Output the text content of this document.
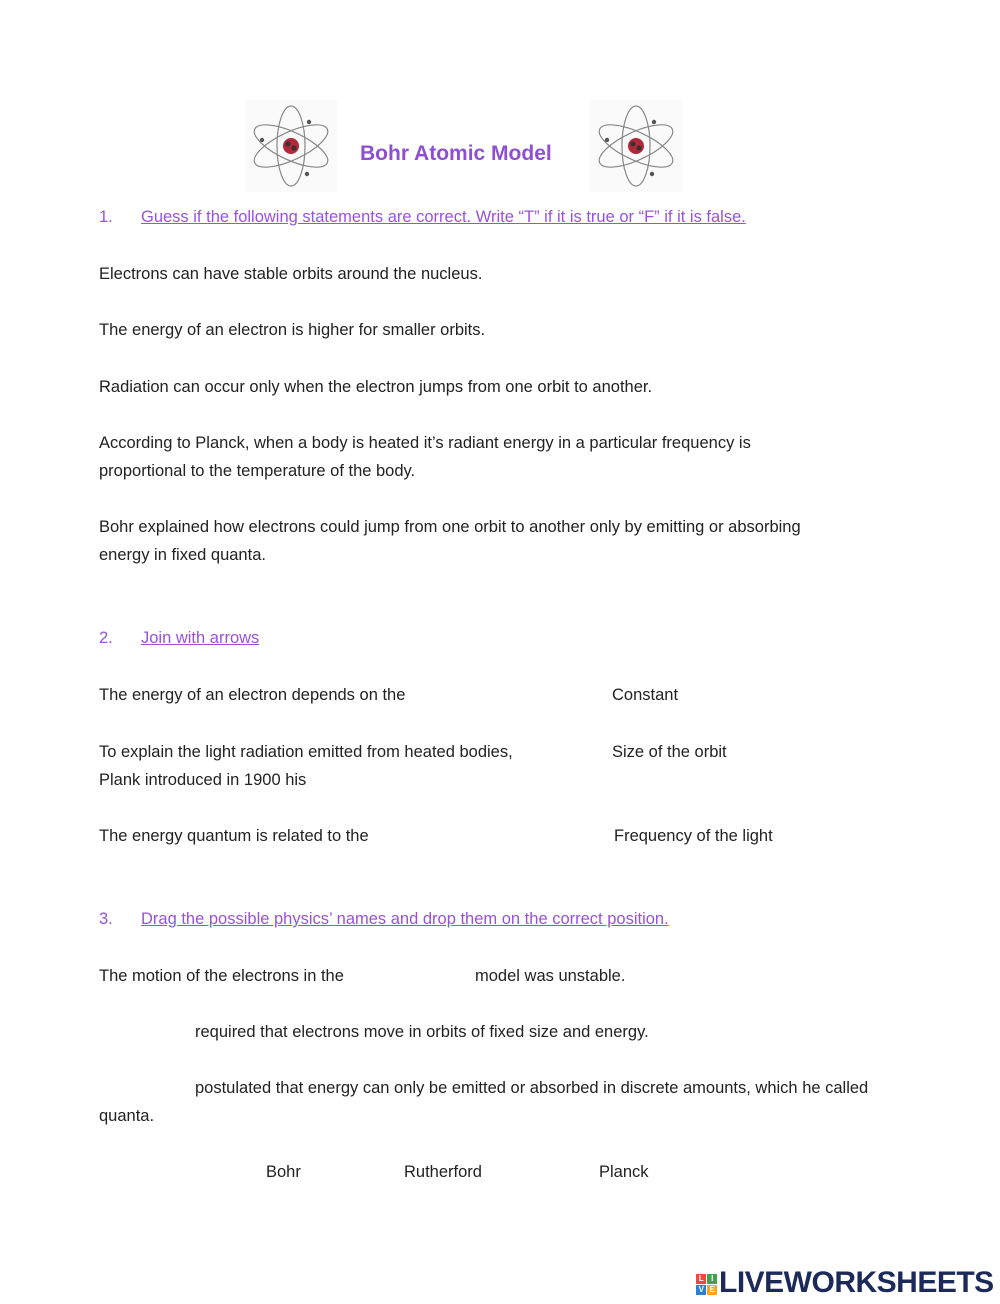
Bohr Atomic Model
1. Guess if the following statements are correct. Write “T” if it is true or “F” if it is false.
Electrons can have stable orbits around the nucleus.
The energy of an electron is higher for smaller orbits.
Radiation can occur only when the electron jumps from one orbit to another.
According to Planck, when a body is heated it’s radiant energy in a particular frequency is
proportional to the temperature of the body.
Bohr explained how electrons could jump from one orbit to another only by emitting or absorbing
energy in fixed quanta.
2. Join with arrows
The energy of an electron depends on the	Constant
To explain the light radiation emitted from heated bodies,	Size of the orbit
Plank introduced in 1900 his
The energy quantum is related to the	Frequency of the light
3. Drag the possible physics’ names and drop them on the correct position.
The motion of the electrons in the	model was unstable.
required that electrons move in orbits of fixed size and energy.
postulated that energy can only be emitted or absorbed in discrete amounts, which he called
quanta.
Bohr	Rutherford	Planck
L I
V E LIVEWORKSHEETS
